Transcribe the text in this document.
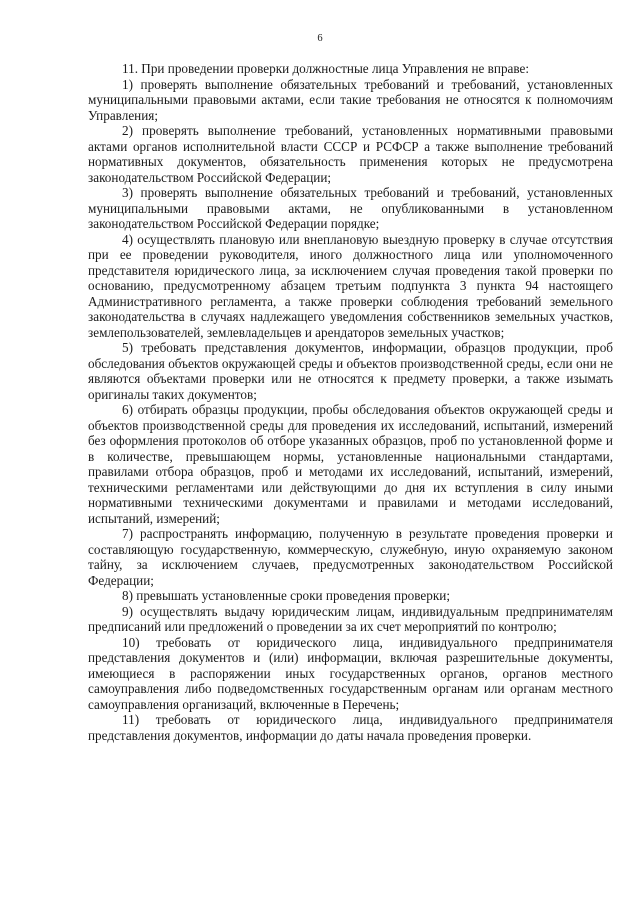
6

11. При проведении проверки должностные лица Управления не вправе:

1) проверять выполнение обязательных требований и требований, установленных муниципальными правовыми актами, если такие требования не относятся к полномочиям Управления;

2) проверять выполнение требований, установленных нормативными правовыми актами органов исполнительной власти СССР и РСФСР а также выполнение требований нормативных документов, обязательность применения которых не предусмотрена законодательством Российской Федерации;

3) проверять выполнение обязательных требований и требований, установленных муниципальными правовыми актами, не опубликованными в установленном законодательством Российской Федерации порядке;

4) осуществлять плановую или внеплановую выездную проверку в случае отсутствия при ее проведении руководителя, иного должностного лица или уполномоченного представителя юридического лица, за исключением случая проведения такой проверки по основанию, предусмотренному абзацем третьим подпункта 3 пункта 94 настоящего Административного регламента, а также проверки соблюдения требований земельного законодательства в случаях надлежащего уведомления собственников земельных участков, землепользователей, землевладельцев и арендаторов земельных участков;

5) требовать представления документов, информации, образцов продукции, проб обследования объектов окружающей среды и объектов производственной среды, если они не являются объектами проверки или не относятся к предмету проверки, а также изымать оригиналы таких документов;

6) отбирать образцы продукции, пробы обследования объектов окружающей среды и объектов производственной среды для проведения их исследований, испытаний, измерений без оформления протоколов об отборе указанных образцов, проб по установленной форме и в количестве, превышающем нормы, установленные национальными стандартами, правилами отбора образцов, проб и методами их исследований, испытаний, измерений, техническими регламентами или действующими до дня их вступления в силу иными нормативными техническими документами и правилами и методами исследований, испытаний, измерений;

7) распространять информацию, полученную в результате проведения проверки и составляющую государственную, коммерческую, служебную, иную охраняемую законом тайну, за исключением случаев, предусмотренных законодательством Российской Федерации;

8) превышать установленные сроки проведения проверки;

9) осуществлять выдачу юридическим лицам, индивидуальным предпринимателям предписаний или предложений о проведении за их счет мероприятий по контролю;

10) требовать от юридического лица, индивидуального предпринимателя представления документов и (или) информации, включая разрешительные документы, имеющиеся в распоряжении иных государственных органов, органов местного самоуправления либо подведомственных государственным органам или органам местного самоуправления организаций, включенные в Перечень;

11) требовать от юридического лица, индивидуального предпринимателя представления документов, информации до даты начала проведения проверки.
